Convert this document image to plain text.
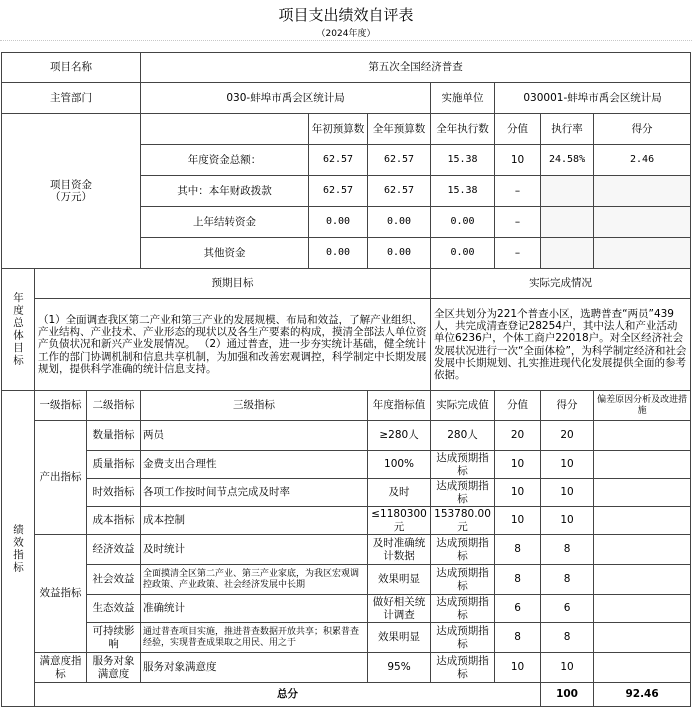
项目支出绩效自评表
（2024年度）
项目名称			第五次全国经济普查							
主管部门			030-蚌埠市禹会区统计局			实施单位	030001-蚌埠市禹会区统计局			
项目资金
（万元）				年初预算数	全年预算数	全年执行数	分值	执行率	得分	
			年度资金总额：	62.57	62.57	15.38	10	24.58%	2.46	
			其中：本年财政拨款	62.57	62.57	15.38	–			
			上年结转资金	0.00	0.00	0.00	–			
			其他资金	0.00	0.00	0.00	–			
年度总体目标	预期目标					实际完成情况				
	（1）全面调查我区第二产业和第三产业的发展规模、布局和效益，了解产业组织、产业结构、产业技术、产业形态的现状以及各生产要素的构成，摸清全部法人单位资产负债状况和新兴产业发展情况。 （2）通过普查，进一步夯实统计基础，健全统计工作的部门协调机制和信息共享机制，为加强和改善宏观调控，科学制定中长期发展规划，提供科学准确的统计信息支持。					全区共划分为221个普查小区，选聘普查“两员”439人，共完成清查登记28254户，其中法人和产业活动单位6236户，个体工商户22018户。对全区经济社会发展状况进行一次“全面体检”，为科学制定经济和社会发展中长期规划、扎实推进现代化发展提供全面的参考依据。				
绩效指标	一级指标	二级指标	三级指标		年度指标值	实际完成值	分值	得分	偏差原因分析及改进措施	
	产出指标	数量指标	两员		≥280人	280人	20	20		
		质量指标	金费支出合理性		100%	达成预期指标	10	10		
		时效指标	各项工作按时间节点完成及时率		及时	达成预期指标	10	10		
		成本指标	成本控制		≤1180300元	153780.00元	10	10		
	效益指标	经济效益	及时统计		及时准确统计数据	达成预期指标	8	8		
		社会效益	全面摸清全区第二产业、第三产业家底，为我区宏观调控政策、产业政策、社会经济发展中长期		效果明显	达成预期指标	8	8		
		生态效益	准确统计		做好相关统计调查	达成预期指标	6	6		
		可持续影响	通过普查项目实施，推进普查数据开放共享；积累普查经验，实现普查成果取之用民、用之于		效果明显	达成预期指标	8	8		
	满意度指标	服务对象满意度	服务对象满意度		95%	达成预期指标	10	10		
	总分							100	92.46	
